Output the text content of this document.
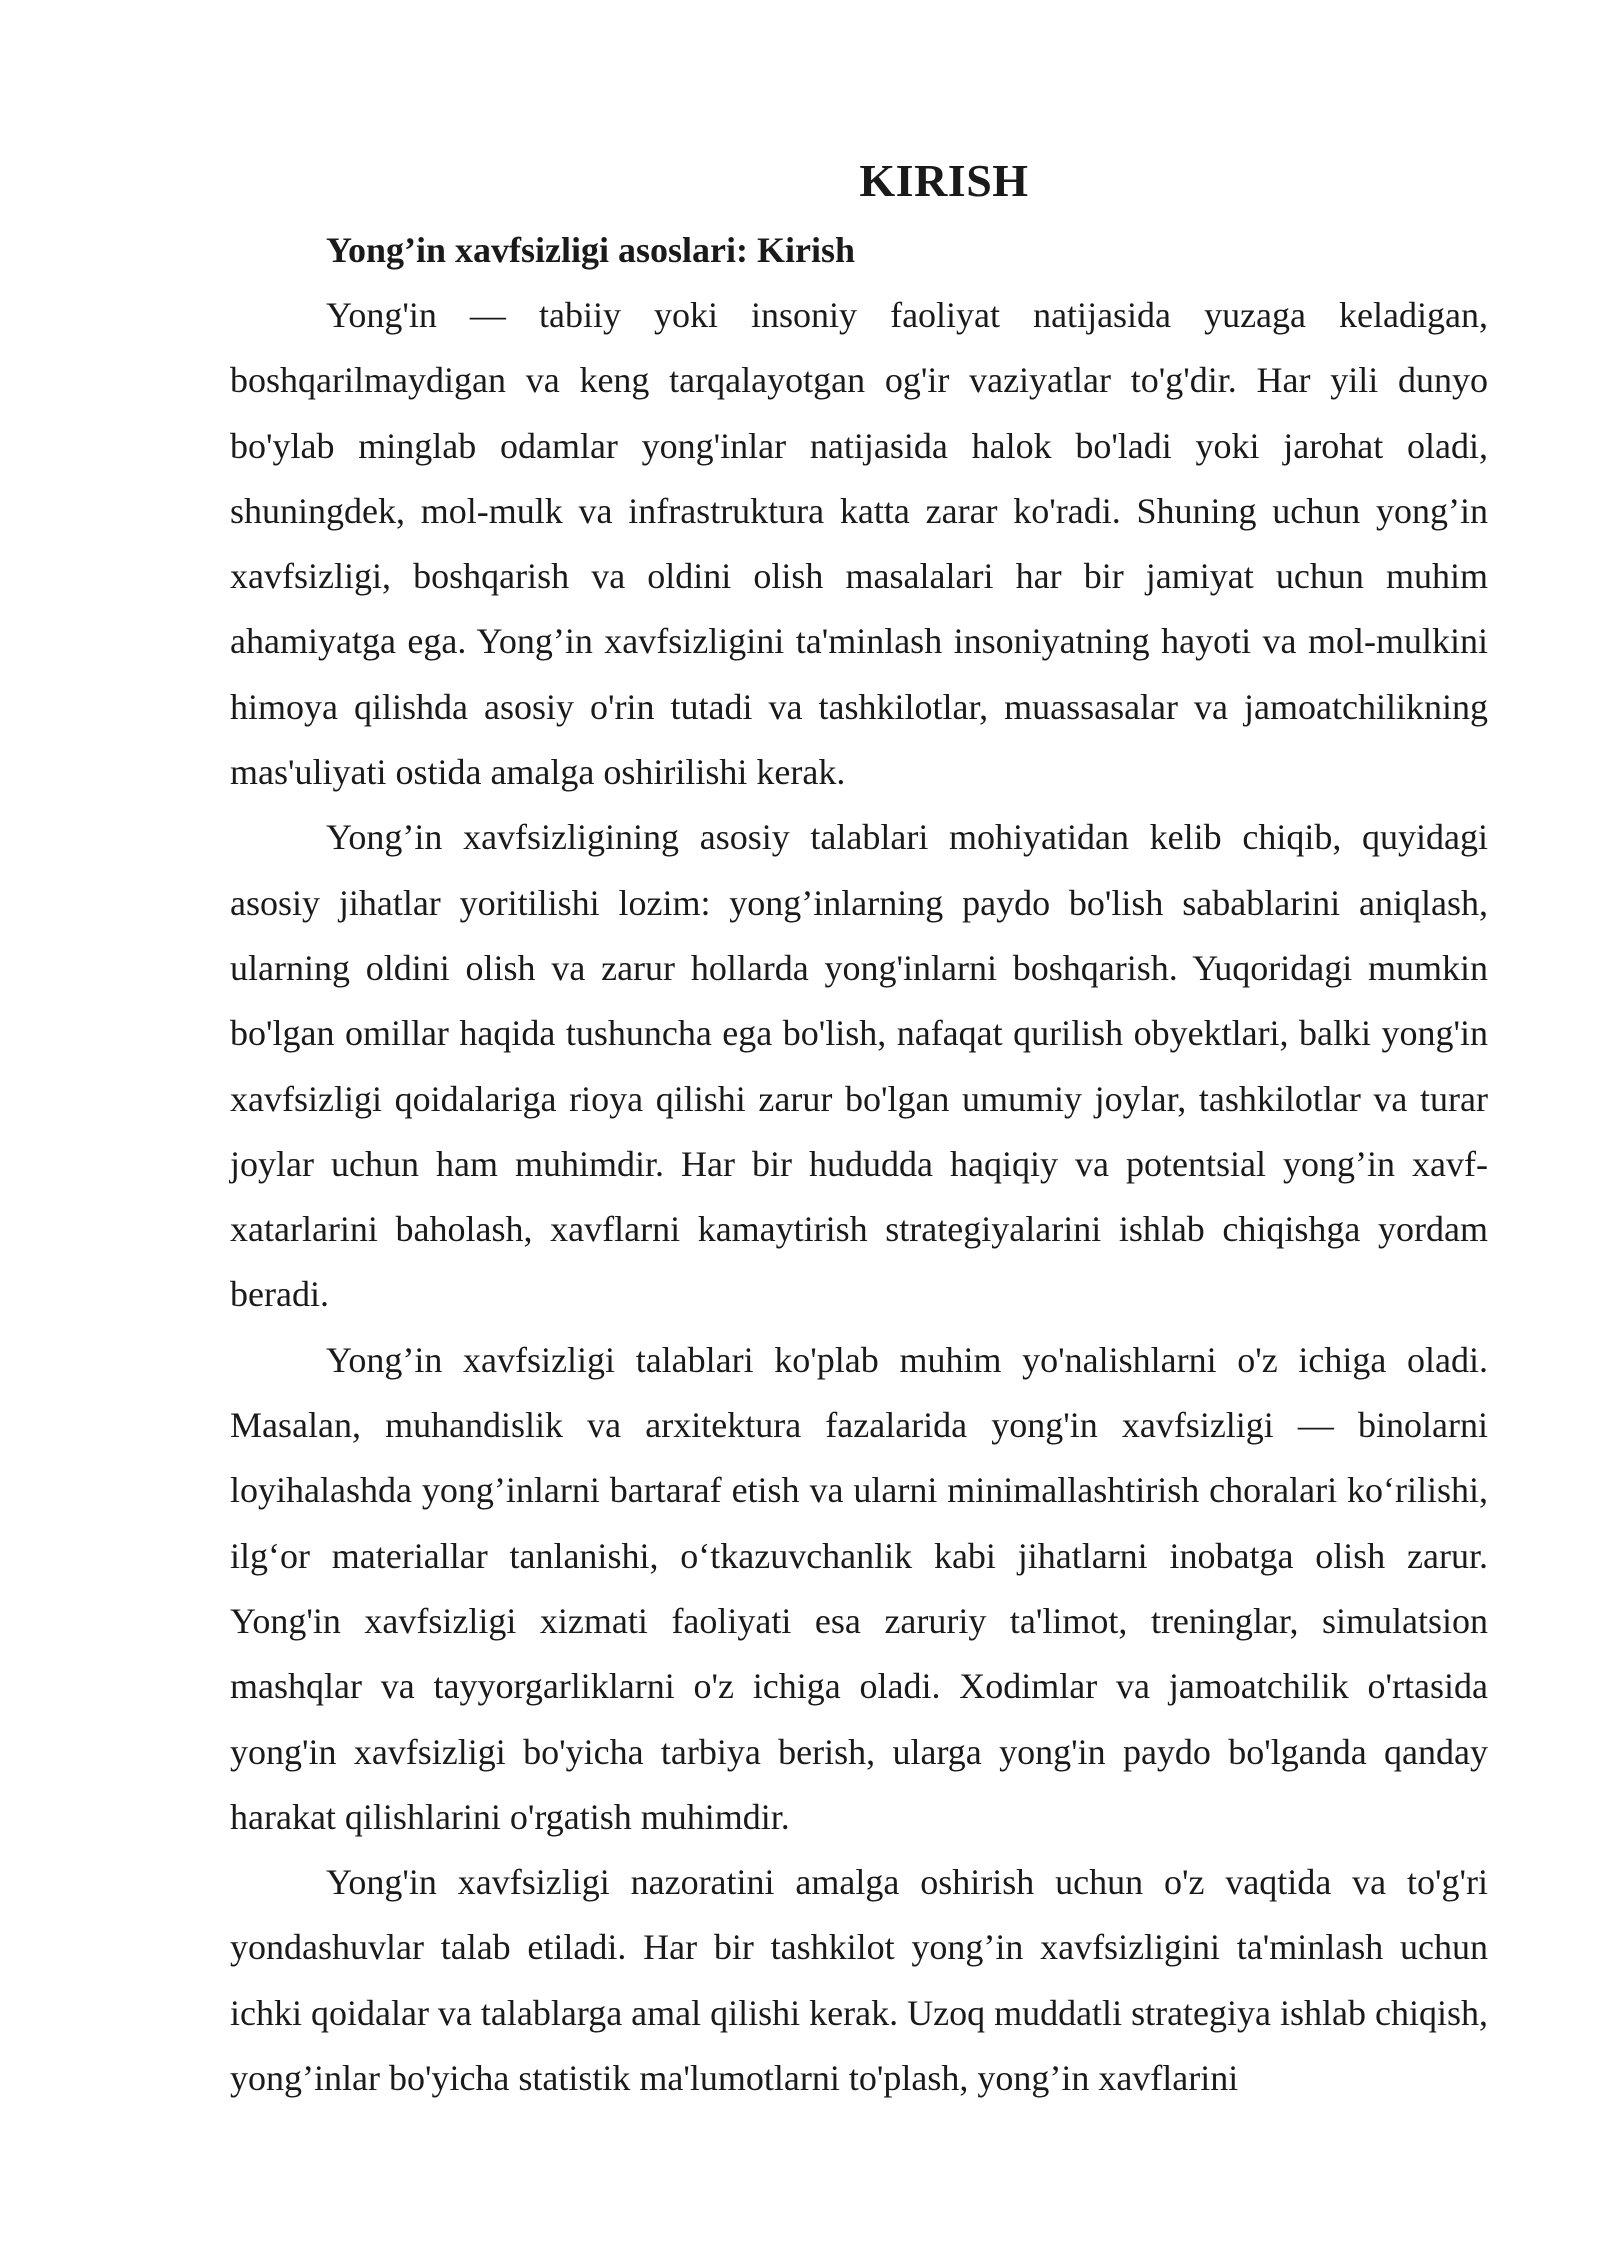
KIRISH
Yong’in xavfsizligi asoslari: Kirish

Yong'in — tabiiy yoki insoniy faoliyat natijasida yuzaga keladigan, boshqarilmaydigan va keng tarqalayotgan og'ir vaziyatlar to'g'dir. Har yili dunyo bo'ylab minglab odamlar yong'inlar natijasida halok bo'ladi yoki jarohat oladi, shuningdek, mol-mulk va infrastruktura katta zarar ko'radi. Shuning uchun yong’in xavfsizligi, boshqarish va oldini olish masalalari har bir jamiyat uchun muhim ahamiyatga ega. Yong’in xavfsizligini ta'minlash insoniyatning hayoti va mol-mulkini himoya qilishda asosiy o'rin tutadi va tashkilotlar, muassasalar va jamoatchilikning mas'uliyati ostida amalga oshirilishi kerak.

Yong’in xavfsizligining asosiy talablari mohiyatidan kelib chiqib, quyidagi asosiy jihatlar yoritilishi lozim: yong’inlarning paydo bo'lish sabablarini aniqlash, ularning oldini olish va zarur hollarda yong'inlarni boshqarish. Yuqoridagi mumkin bo'lgan omillar haqida tushuncha ega bo'lish, nafaqat qurilish obyektlari, balki yong'in xavfsizligi qoidalariga rioya qilishi zarur bo'lgan umumiy joylar, tashkilotlar va turar joylar uchun ham muhimdir. Har bir hududda haqiqiy va potentsial yong’in xavf-xatarlarini baholash, xavflarni kamaytirish strategiyalarini ishlab chiqishga yordam beradi.

Yong’in xavfsizligi talablari ko'plab muhim yo'nalishlarni o'z ichiga oladi. Masalan, muhandislik va arxitektura fazalarida yong'in xavfsizligi — binolarni loyihalashda yong’inlarni bartaraf etish va ularni minimallashtirish choralari ko‘rilishi, ilg‘or materiallar tanlanishi, o‘tkazuvchanlik kabi jihatlarni inobatga olish zarur. Yong'in xavfsizligi xizmati faoliyati esa zaruriy ta'limot, treninglar, simulatsion mashqlar va tayyorgarliklarni o'z ichiga oladi. Xodimlar va jamoatchilik o'rtasida yong'in xavfsizligi bo'yicha tarbiya berish, ularga yong'in paydo bo'lganda qanday harakat qilishlarini o'rgatish muhimdir.

Yong'in xavfsizligi nazoratini amalga oshirish uchun o'z vaqtida va to'g'ri yondashuvlar talab etiladi. Har bir tashkilot yong’in xavfsizligini ta'minlash uchun ichki qoidalar va talablarga amal qilishi kerak. Uzoq muddatli strategiya ishlab chiqish, yong’inlar bo'yicha statistik ma'lumotlarni to'plash, yong’in xavflarini
